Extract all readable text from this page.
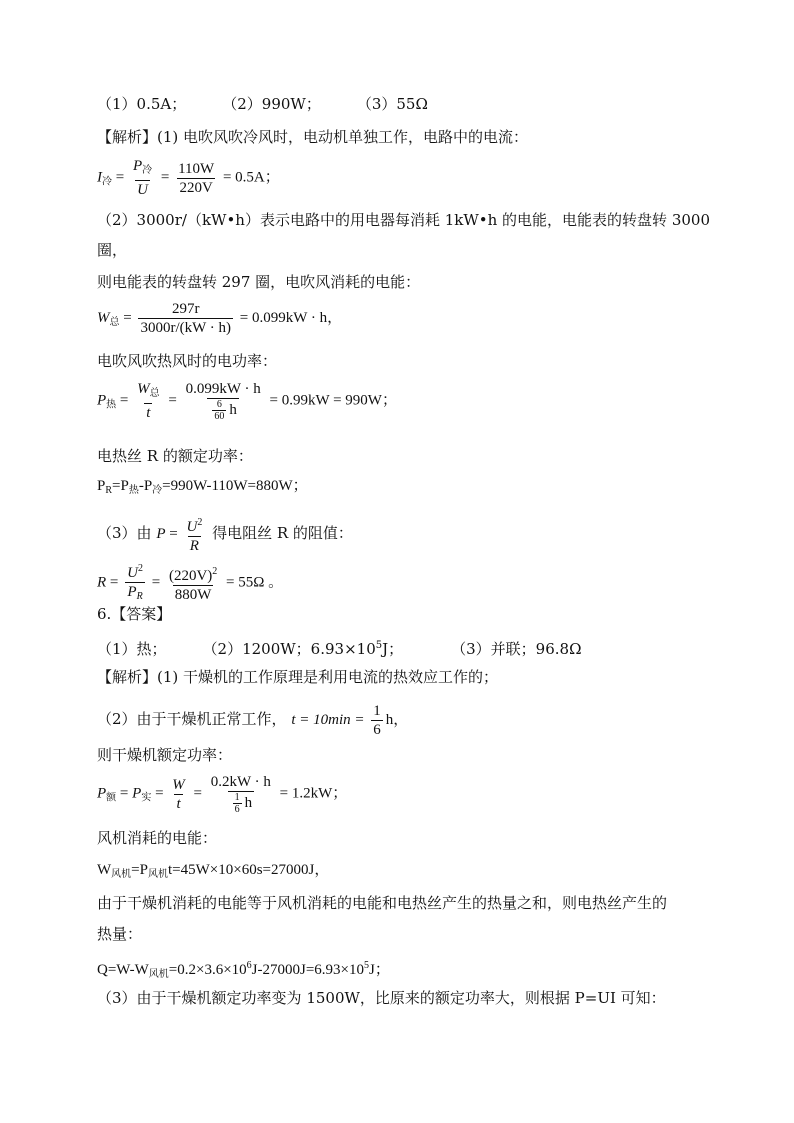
（1）0.5A； （2）990W； （3）55Ω
【解析】(1) 电吹风吹冷风时，电动机单独工作，电路中的电流：
$I_冷 = \frac{P_冷}{U} = \frac{110W}{220V} = 0.5A$；
（2）3000r/（kW•h）表示电路中的用电器每消耗 1kW•h 的电能，电能表的转盘转 3000
圈，
则电能表的转盘转 297 圈，电吹风消耗的电能：
$W_总 = \frac{297r}{3000r/(kW \cdot h)} = 0.099kW \cdot h$，
电吹风吹热风时的电功率：
$P_热 = \frac{W_总}{t} = \frac{0.099kW \cdot h}{\frac{6}{60} h} = 0.99kW = 990W$；
电热丝 R 的额定功率：
$P_R=P_热-P_冷=990W-110W=880W$；
（3）由 $P = \frac{U^2}{R}$ 得电阻丝 R 的阻值：
$R = \frac{U^2}{P_R} = \frac{(220V)^2}{880W} = 55\Omega$ 。
6.【答案】
（1）热； （2）1200W；$6.93\times 10^5J$；	（3）并联；96.8Ω
【解析】(1) 干燥机的工作原理是利用电流的热效应工作的；
（2）由于干燥机正常工作， $t = 10\min = \frac{1}{6}$ h，
则干燥机额定功率：
$P_额 = P_实 = \frac{W}{t} = \frac{0.2kW \cdot h}{\frac{1}{6} h} = 1.2kW$；
风机消耗的电能：
$W_{风机}=P_{风机}t=45W\times 10\times 60s=27000J$，
由于干燥机消耗的电能等于风机消耗的电能和电热丝产生的热量之和，则电热丝产生的
热量：
$Q=W-W_{风机}=0.2\times 3.6\times 10^6J-27000J=6.93\times 10^5J$；
（3）由于干燥机额定功率变为 1500W，比原来的额定功率大，则根据 P=UI 可知：
